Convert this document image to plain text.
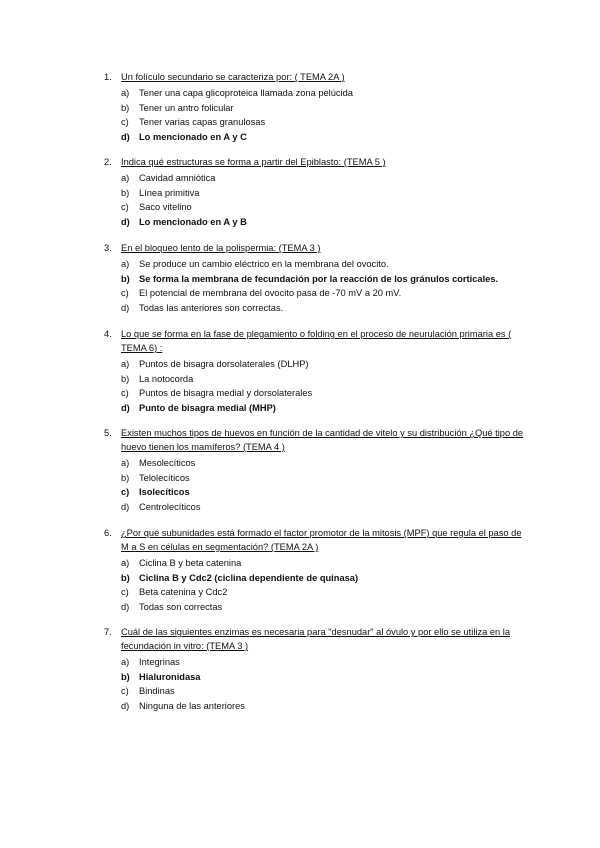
1. Un folículo secundario se caracteriza por: ( TEMA 2A )
a) Tener una capa glicoproteica llamada zona pelúcida
b) Tener un antro folicular
c) Tener varias capas granulosas
d) Lo mencionado en A y C
2. Indica qué estructuras se forma a partir del Epiblasto: (TEMA 5 )
a) Cavidad amniótica
b) Línea primitiva
c) Saco vitelino
d) Lo mencionado en A y B
3. En el bloqueo lento de la polispermia: (TEMA 3 )
a) Se produce un cambio eléctrico en la membrana del ovocito.
b) Se forma la membrana de fecundación por la reacción de los gránulos corticales.
c) El potencial de membrana del ovocito pasa de -70 mV a 20 mV.
d) Todas las anteriores son correctas.
4. Lo que se forma en la fase de plegamiento o folding en el proceso de neurulación primaria es ( TEMA 6) :
a) Puntos de bisagra dorsolaterales (DLHP)
b) La notocorda
c) Puntos de bisagra medial y dorsolaterales
d) Punto de bisagra medial (MHP)
5. Existen muchos tipos de huevos en función de la cantidad de vitelo y su distribución ¿Qué tipo de huevo tienen los mamíferos? (TEMA 4 )
a) Mesolecíticos
b) Telolecíticos
c) Isolecíticos
d) Centrolecíticos
6. ¿Por qué subunidades está formado el factor promotor de la mitosis (MPF) que regula el paso de M a S en células en segmentación? (TEMA 2A )
a) Ciclina B y beta catenina
b) Ciclina B y Cdc2 (ciclina dependiente de quinasa)
c) Beta catenina y Cdc2
d) Todas son correctas
7. Cuál de las siguientes enzimas es necesaria para "desnudar" al óvulo y por ello se utiliza en la fecundación in vitro: (TEMA 3 )
a) Integrinas
b) Hialuronidasa
c) Bindinas
d) Ninguna de las anteriores
